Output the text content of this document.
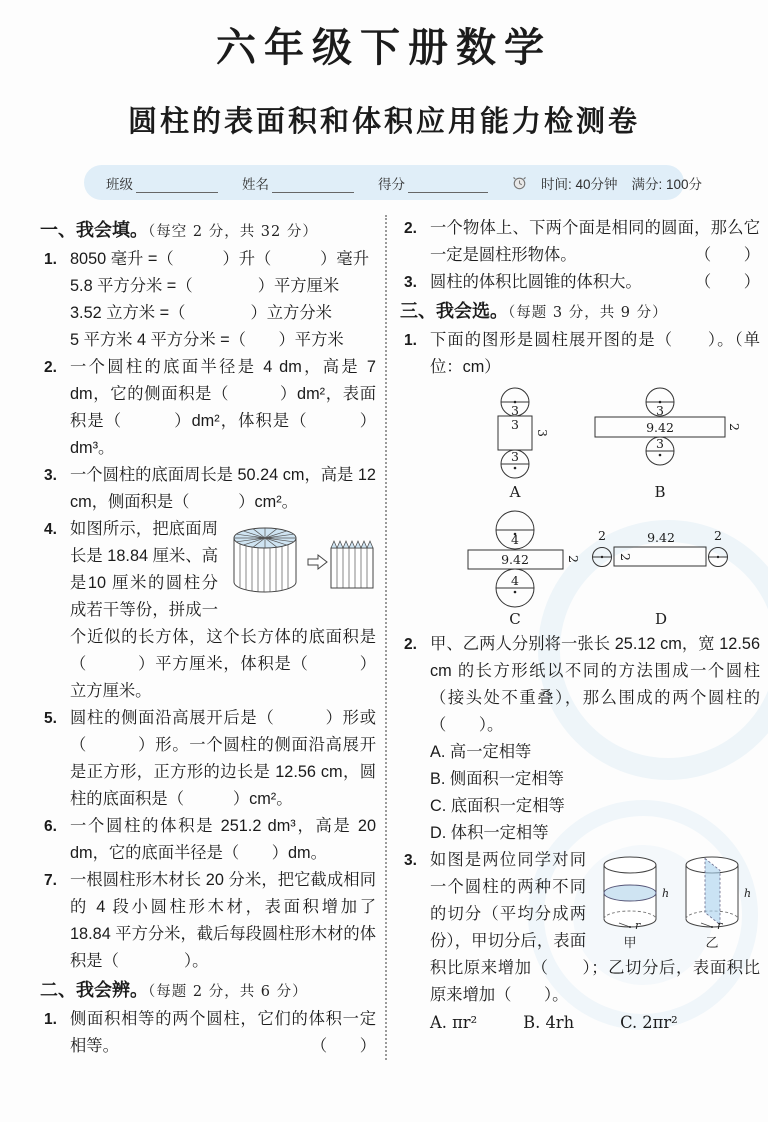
六年级下册数学
圆柱的表面积和体积应用能力检测卷
班级	姓名	得分	时间: 40分钟 满分: 100分
一、我会填。（每空 2 分，共 32 分）
1. 8050 毫升 =（　　　）升（　　　）毫升
5.8 平方分米 =（　　　　）平方厘米
3.52 立方米 =（　　　　）立方分米
5 平方米 4 平方分米 =（　　）平方米
2. 一个圆柱的底面半径是 4 dm，高是 7 dm，它的侧面积是（　　　）dm²，表面积是（　　　）dm²，体积是（　　　）dm³。
3. 一个圆柱的底面周长是 50.24 cm，高是 12 cm，侧面积是（　　　）cm²。
4. 如图所示，把底面周长是 18.84 厘米、高是10 厘米的圆柱分成若干等份，拼成一个近似的长方体，这个长方体的底面积是（　　　）平方厘米，体积是（　　　）立方厘米。
5. 圆柱的侧面沿高展开后是（　　　）形或（　　　）形。一个圆柱的侧面沿高展开是正方形，正方形的边长是 12.56 cm，圆柱的底面积是（　　　）cm²。
6. 一个圆柱的体积是 251.2 dm³，高是 20 dm，它的底面半径是（　　）dm。
7. 一根圆柱形木材长 20 分米，把它截成相同的 4 段小圆柱形木材，表面积增加了 18.84 平方分米，截后每段圆柱形木材的体积是（　　　　）。
二、我会辨。（每题 2 分，共 6 分）
1. 侧面积相等的两个圆柱，它们的体积一定相等。	（　　）
2. 一个物体上、下两个面是相同的圆面，那么它一定是圆柱形物体。	（　　）
3. 圆柱的体积比圆锥的体积大。	（　　）
三、我会选。（每题 3 分，共 9 分）
1. 下面的图形是圆柱展开图的是（　　）。（单位：cm）
3
3
3
3
A
3
9.42	2
3
B
4
9.42	2
4
C
2
2
9.42	2
D
2. 甲、乙两人分别将一张长 25.12 cm，宽 12.56 cm 的长方形纸以不同的方法围成一个圆柱（接头处不重叠），那么围成的两个圆柱的（　　）。
A. 高一定相等
B. 侧面积一定相等
C. 底面积一定相等
D. 体积一定相等
3.
r
h
甲
r
h
乙
如图是两位同学对同一个圆柱的两种不同的切分（平均分成两份），甲切分后，表面积比原来增加（　　）；乙切分后，表面积比原来增加（　　）。
A. πr²	B. 4rh	C. 2πr²
